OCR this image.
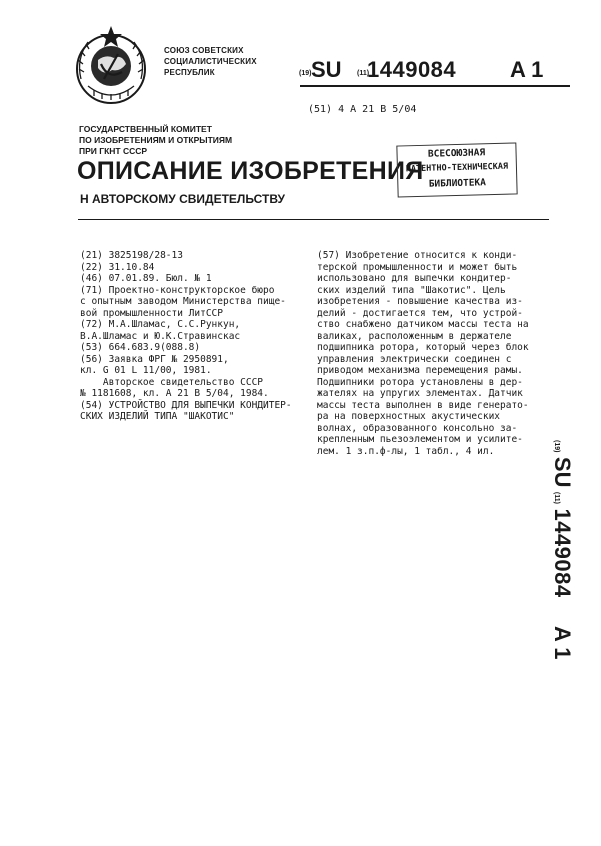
СОЮЗ СОВЕТСКИХ
СОЦИАЛИСТИЧЕСКИХ
РЕСПУБЛИК	(19) SU (11)
1449084 A 1
(51) 4 A 21 B 5/04
ГОСУДАРСТВЕННЫЙ КОМИТЕТ
ПО ИЗОБРЕТЕНИЯМ И ОТКРЫТИЯМ
ПРИ ГКНТ СССР
ОПИСАНИЕ ИЗОБРЕТЕНИЯ
Н АВТОРСКОМУ СВИДЕТЕЛЬСТВУ
ВСЕСОЮЗНАЯ
ПАТЕНТНО-ТЕХНИЧЕСКАЯ
БИБЛИОТЕКА
(21) 3825198/28-13
(22) 31.10.84
(46) 07.01.89. Бюл. № 1
(71) Проектно-конструкторское бюро
с опытным заводом Министерства пище-
вой промышленности ЛитССР
(72) М.А.Шламас, С.С.Рункун,
В.А.Шламас и Ю.К.Стравинскас
(53) 664.683.9(088.8)
(56) Заявка ФРГ № 2950891,
кл. G 01 L 11/00, 1981.
Авторское свидетельство СССР
№ 1181608, кл. А 21 В 5/04, 1984.
(54) УСТРОЙСТВО ДЛЯ ВЫПЕЧКИ КОНДИТЕР-
СКИХ ИЗДЕЛИЙ ТИПА "ШАКОТИС"
(57) Изобретение относится к конди-
терской промышленности и может быть
использовано для выпечки кондитер-
ских изделий типа "Шакотис". Цель
изобретения - повышение качества из-
делий - достигается тем, что устрой-
ство снабжено датчиком массы теста на
валиках, расположенным в держателе
подшипника ротора, который через блок
управления электрически соединен с
приводом механизма перемещения рамы.
Подшипники ротора установлены в дер-
жателях на упругих элементах. Датчик
массы теста выполнен в виде генерато-
ра на поверхностных акустических
волнах, образованного консольно за-
крепленным пьезоэлементом и усилите-
лем. 1 з.п.ф-лы, 1 табл., 4 ил.	(19) SU (11) 1449084 A 1
